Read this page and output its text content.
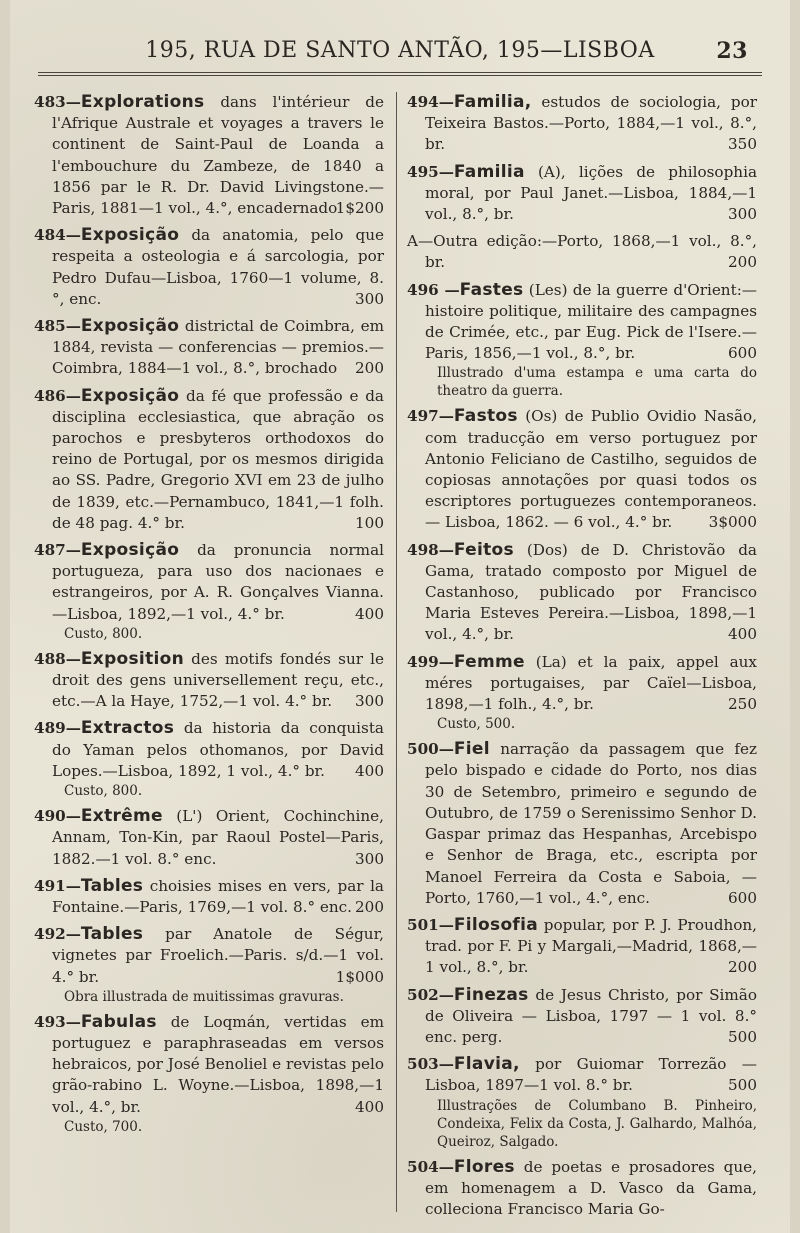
195, RUA DE SANTO ANTÃO, 195—LISBOA	23

483—Explorations dans l'intérieur de l'Afrique Australe et voyages a travers le continent de Saint-Paul de Loanda a l'embouchure du Zambeze, de 1840 a 1856 par le R. Dr. David Livingstone.— Paris, 1881—1 vol., 4.°, encadernado
1$200

484—Exposição da anatomia, pelo que respeita a osteologia e á sarcologia, por Pedro Dufau—Lisboa, 1760—1 volume, 8.°, enc.	300

485—Exposição districtal de Coimbra, em 1884, revista — conferencias — premios.—Coimbra, 1884—1 vol., 8.°, brochado 200

486—Exposição da fé que professão e da disciplina ecclesiastica, que abração os parochos e presbyteros orthodoxos do reino de Portugal, por os mesmos dirigida ao SS. Padre, Gregorio XVI em 23 de julho de 1839, etc.—Pernambuco, 1841,—1 folh. de 48 pag. 4.° br.	100

487—Exposição da pronuncia normal portugueza, para uso dos nacionaes e estrangeiros, por A. R. Gonçalves Vianna.—Lisboa, 1892,—1 vol., 4.° br.	400
Custo, 800.

488—Exposition des motifs fondés sur le droit des gens universellement reçu, etc., etc.—A la Haye, 1752,—1 vol. 4.° br. 300

489—Extractos da historia da conquista do Yaman pelos othomanos, por David Lopes.—Lisboa, 1892, 1 vol., 4.° br. 400
Custo, 800.

490—Extrême (L') Orient, Cochinchine, Annam, Ton-Kin, par Raoul Postel—Paris, 1882.—1 vol. 8.° enc.	300

491—Tables choisies mises en vers, par la Fontaine.—Paris, 1769,—1 vol. 8.° enc. 200

492—Tables par Anatole de Ségur, vignetes par Froelich.—Paris. s/d.—1 vol. 4.° br.	1$000
Obra illustrada de muitissimas gravuras.

493—Fabulas de Loqmán, vertidas em portuguez e paraphraseadas em versos hebraicos, por José Benoliel e revistas pelo grão-rabino L. Woyne.—Lisboa, 1898,—1 vol., 4.°, br.	400
Custo, 700.

494—Familia, estudos de sociologia, por Teixeira Bastos.—Porto, 1884,—1 vol., 8.°, br.	350

495—Familia (A), lições de philosophia moral, por Paul Janet.—Lisboa, 1884,—1 vol., 8.°, br.	300

A—Outra edição:—Porto, 1868,—1 vol., 8.°, br.	200

496 —Fastes (Les) de la guerre d'Orient:—histoire politique, militaire des campagnes de Crimée, etc., par Eug. Pick de l'Isere.—Paris, 1856,—1 vol., 8.°, br.	600
Illustrado d'uma estampa e uma carta do theatro da guerra.

497—Fastos (Os) de Publio Ovidio Nasão, com traducção em verso portuguez por Antonio Feliciano de Castilho, seguidos de copiosas annotações por quasi todos os escriptores portuguezes contemporaneos. — Lisboa, 1862. — 6 vol., 4.° br. 3$000

498—Feitos (Dos) de D. Christovão da Gama, tratado composto por Miguel de Castanhoso, publicado por Francisco Maria Esteves Pereira.—Lisboa, 1898,—1 vol., 4.°, br.	400

499—Femme (La) et la paix, appel aux méres portugaises, par Caïel—Lisboa, 1898,—1 folh., 4.°, br.	250
Custo, 500.

500—Fiel narração da passagem que fez pelo bispado e cidade do Porto, nos dias 30 de Setembro, primeiro e segundo de Outubro, de 1759 o Serenissimo Senhor D. Gaspar primaz das Hespanhas, Arcebispo e Senhor de Braga, etc., escripta por Manoel Ferreira da Costa e Saboia, — Porto, 1760,—1 vol., 4.°, enc.	600

501—Filosofia popular, por P. J. Proudhon, trad. por F. Pi y Margali,—Madrid, 1868,—1 vol., 8.°, br.	200

502—Finezas de Jesus Christo, por Simão de Oliveira — Lisboa, 1797 — 1 vol. 8.° enc. perg.	500

503—Flavia, por Guiomar Torrezão —Lisboa, 1897—1 vol. 8.° br.	500
Illustrações de Columbano B. Pinheiro, Condeixa, Felix da Costa, J. Galhardo, Malhóa, Queiroz, Salgado.

504—Flores de poetas e prosadores que, em homenagem a D. Vasco da Gama, colleciona Francisco Maria Go-
